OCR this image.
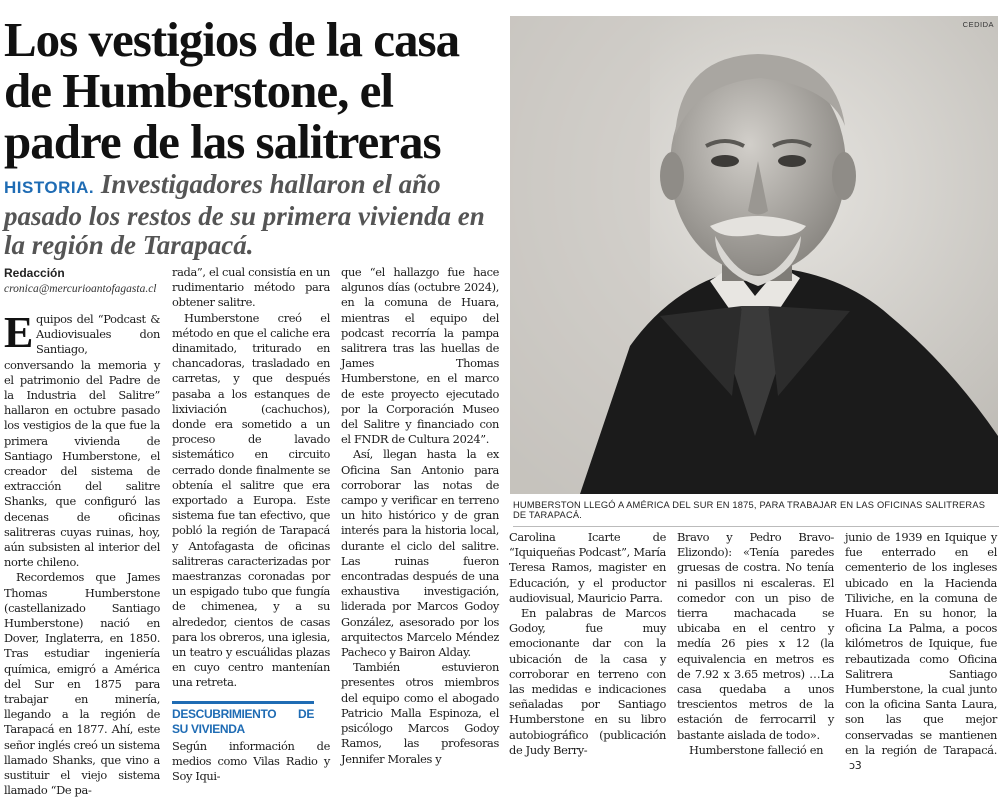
Los vestigios de la casa de Humberstone, el padre de las salitreras
HISTORIA. Investigadores hallaron el año pasado los restos de su primera vivienda en la región de Tarapacá.
Redacción
cronica@mercurioantofagasta.cl

Equipos del “Podcast & Audiovisuales don Santiago, conversando la memoria y el patrimonio del Padre de la Industria del Salitre” hallaron en octubre pasado los vestigios de la que fue la primera vivienda de Santiago Humberstone, el creador del sistema de extracción del salitre Shanks, que configuró las decenas de oficinas salitreras cuyas ruinas, hoy, aún subsisten al interior del norte chileno.

Recordemos que James Thomas Humberstone (castellanizado Santiago Humberstone) nació en Dover, Inglaterra, en 1850. Tras estudiar ingeniería química, emigró a América del Sur en 1875 para trabajar en minería, llegando a la región de Tarapacá en 1877. Ahí, este señor inglés creó un sistema llamado Shanks, que vino a sustituir el viejo sistema llamado “De pa-

rada”, el cual consistía en un rudimentario método para obtener salitre.

Humberstone creó el método en que el caliche era dinamitado, triturado en chancadoras, trasladado en carretas, y que después pasaba a los estanques de lixiviación (cachuchos), donde era sometido a un proceso de lavado sistemático en circuito cerrado donde finalmente se obtenía el salitre que era exportado a Europa. Este sistema fue tan efectivo, que pobló la región de Tarapacá y Antofagasta de oficinas salitreras caracterizadas por maestranzas coronadas por un espigado tubo que fungía de chimenea, y a su alrededor, cientos de casas para los obreros, una iglesia, un teatro y escuálidas plazas en cuyo centro mantenían una retreta.

DESCUBRIMIENTO DE SU VIVIENDA

Según información de medios como Vilas Radio y Soy Iqui-

que “el hallazgo fue hace algunos días (octubre 2024), en la comuna de Huara, mientras el equipo del podcast recorría la pampa salitrera tras las huellas de James Thomas Humberstone, en el marco de este proyecto ejecutado por la Corporación Museo del Salitre y financiado con el FNDR de Cultura 2024”.

Así, llegan hasta la ex Oficina San Antonio para corroborar las notas de campo y verificar en terreno un hito histórico y de gran interés para la historia local, durante el ciclo del salitre. Las ruinas fueron encontradas después de una exhaustiva investigación, liderada por Marcos Godoy González, asesorado por los arquitectos Marcelo Méndez Pacheco y Bairon Alday.

También estuvieron presentes otros miembros del equipo como el abogado Patricio Malla Espinoza, el psicólogo Marcos Godoy Ramos, las profesoras Jennifer Morales y

CEDIDA
HUMBERSTON LLEGÓ A AMÉRICA DEL SUR EN 1875, PARA TRABAJAR EN LAS OFICINAS SALITRERAS DE TARAPACÁ.

Carolina Icarte de “Iquiqueñas Podcast”, María Teresa Ramos, magister en Educación, y el productor audiovisual, Mauricio Parra.

En palabras de Marcos Godoy, fue muy emocionante dar con la ubicación de la casa y corroborar en terreno con las medidas e indicaciones señaladas por Santiago Humberstone en su libro autobiográfico (publicación de Judy Berry-

Bravo y Pedro Bravo-Elizondo): «Tenía paredes gruesas de costra. No tenía ni pasillos ni escaleras. El comedor con un piso de tierra machacada se ubicaba en el centro y medía 26 pies x 12 (la equivalencia en metros es de 7.92 x 3.65 metros) …La casa quedaba a unos trescientos metros de la estación de ferrocarril y bastante aislada de todo».

Humberstone falleció en

junio de 1939 en Iquique y fue enterrado en el cementerio de los ingleses ubicado en la Hacienda Tiliviche, en la comuna de Huara. En su honor, la oficina La Palma, a pocos kilómetros de Iquique, fue rebautizada como Oficina Salitrera Santiago Humberstone, la cual junto con la oficina Santa Laura, son las que mejor conservadas se mantienen en la región de Tarapacá.ↄ3
